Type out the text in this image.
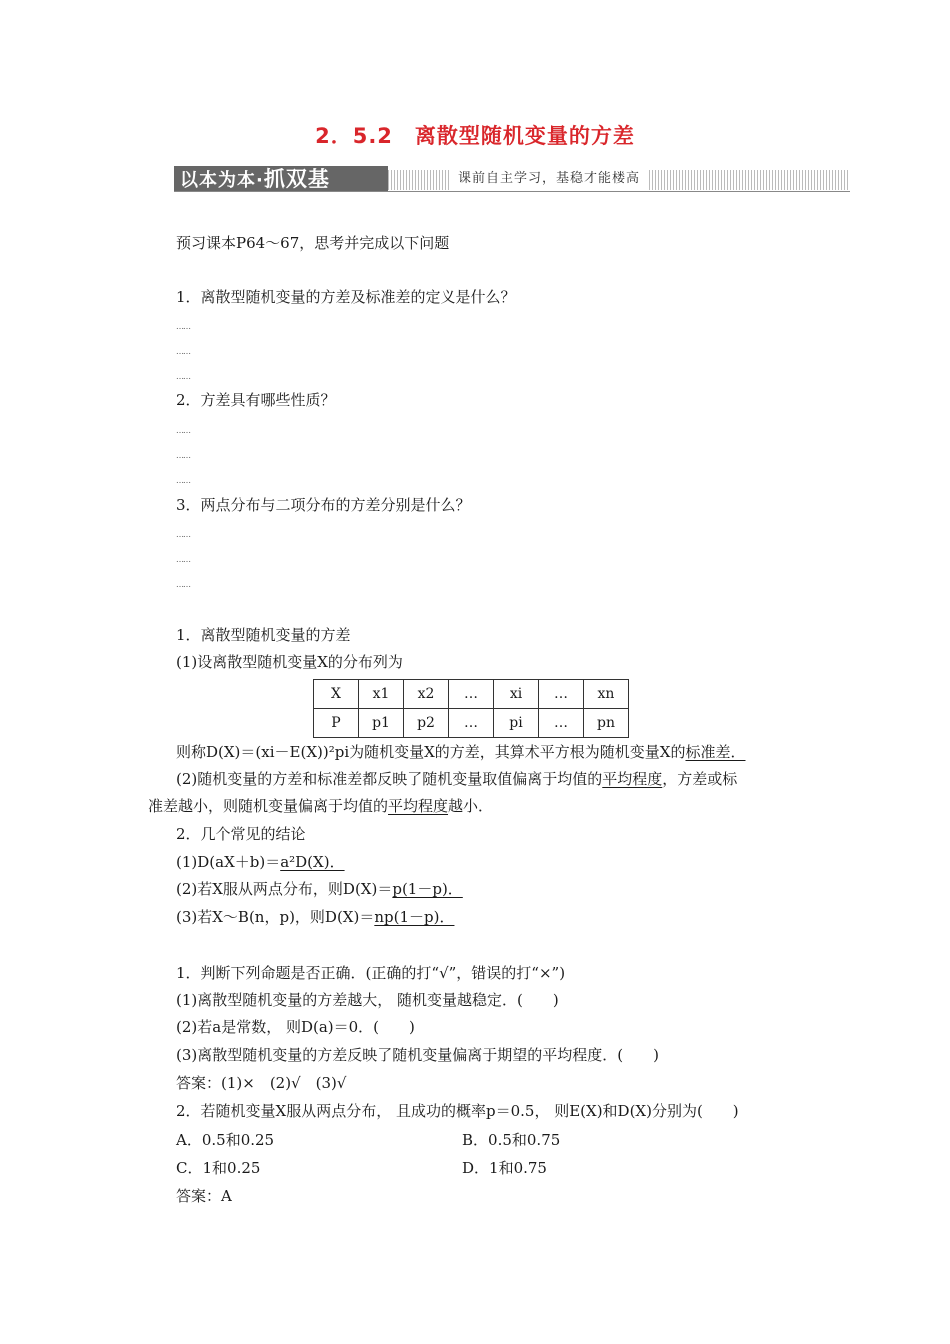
2．5.2　离散型随机变量的方差
以本为本·抓双基	课前自主学习，基稳才能楼高
预习课本P64～67，思考并完成以下问题
1．离散型随机变量的方差及标准差的定义是什么？
……
……
……
2．方差具有哪些性质？
……
……
……
3．两点分布与二项分布的方差分别是什么？
……
……
……
1．离散型随机变量的方差
(1)设离散型随机变量X的分布列为
X	x1	x2	…	xi	…	xn
P	p1	p2	…	pi	…	pn
则称D(X)＝(xi－E(X))²pi为随机变量X的方差，其算术平方根为随机变量X的标准差．
(2)随机变量的方差和标准差都反映了随机变量取值偏离于均值的平均程度，方差或标
准差越小，则随机变量偏离于均值的平均程度越小．
2．几个常见的结论
(1)D(aX＋b)＝a²D(X)．
(2)若X服从两点分布，则D(X)＝p(1－p)．
(3)若X～B(n，p)，则D(X)＝np(1－p)．
1．判断下列命题是否正确．(正确的打“√”，错误的打“×”)
(1)离散型随机变量的方差越大， 随机变量越稳定．(　　)
(2)若a是常数， 则D(a)＝0．(　　)
(3)离散型随机变量的方差反映了随机变量偏离于期望的平均程度．(　　)
答案：(1)×　(2)√　(3)√
2．若随机变量X服从两点分布， 且成功的概率p＝0.5， 则E(X)和D(X)分别为(　　)
A．0.5和0.25	B．0.5和0.75
C．1和0.25	D．1和0.75
答案：A
